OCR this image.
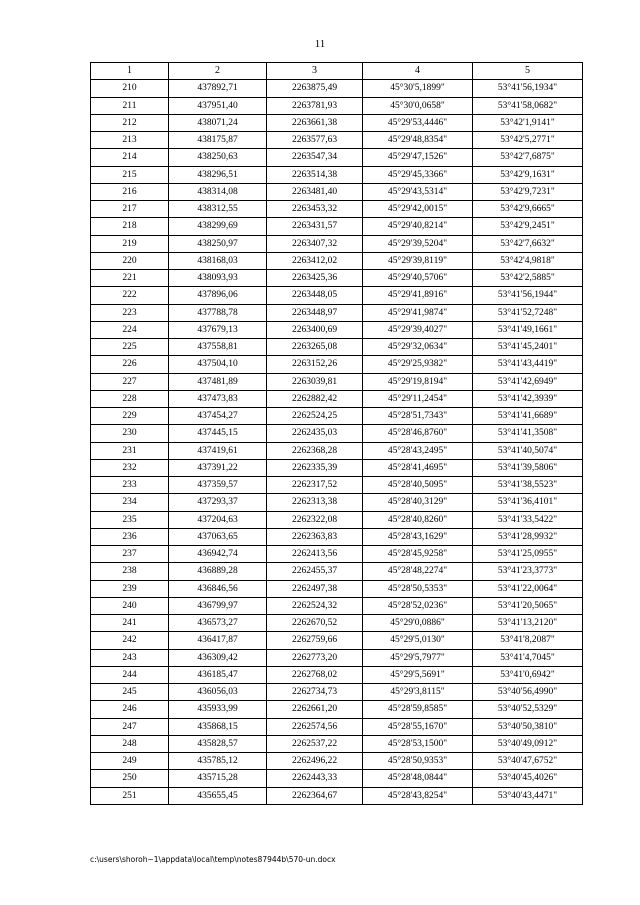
11
1	2	3	4	5
210	437892,71	2263875,49	45°30'5,1899"	53°41'56,1934"
211	437951,40	2263781,93	45°30'0,0658"	53°41'58,0682"
212	438071,24	2263661,38	45°29'53,4446"	53°42'1,9141"
213	438175,87	2263577,63	45°29'48,8354"	53°42'5,2771"
214	438250,63	2263547,34	45°29'47,1526"	53°42'7,6875"
215	438296,51	2263514,38	45°29'45,3366"	53°42'9,1631"
216	438314,08	2263481,40	45°29'43,5314"	53°42'9,7231"
217	438312,55	2263453,32	45°29'42,0015"	53°42'9,6665"
218	438299,69	2263431,57	45°29'40,8214"	53°42'9,2451"
219	438250,97	2263407,32	45°29'39,5204"	53°42'7,6632"
220	438168,03	2263412,02	45°29'39,8119"	53°42'4,9818"
221	438093,93	2263425,36	45°29'40,5706"	53°42'2,5885"
222	437896,06	2263448,05	45°29'41,8916"	53°41'56,1944"
223	437788,78	2263448,97	45°29'41,9874"	53°41'52,7248"
224	437679,13	2263400,69	45°29'39,4027"	53°41'49,1661"
225	437558,81	2263265,08	45°29'32,0634"	53°41'45,2401"
226	437504,10	2263152,26	45°29'25,9382"	53°41'43,4419"
227	437481,89	2263039,81	45°29'19,8194"	53°41'42,6949"
228	437473,83	2262882,42	45°29'11,2454"	53°41'42,3939"
229	437454,27	2262524,25	45°28'51,7343"	53°41'41,6689"
230	437445,15	2262435,03	45°28'46,8760"	53°41'41,3508"
231	437419,61	2262368,28	45°28'43,2495"	53°41'40,5074"
232	437391,22	2262335,39	45°28'41,4695"	53°41'39,5806"
233	437359,57	2262317,52	45°28'40,5095"	53°41'38,5523"
234	437293,37	2262313,38	45°28'40,3129"	53°41'36,4101"
235	437204,63	2262322,08	45°28'40,8260"	53°41'33,5422"
236	437063,65	2262363,83	45°28'43,1629"	53°41'28,9932"
237	436942,74	2262413,56	45°28'45,9258"	53°41'25,0955"
238	436889,28	2262455,37	45°28'48,2274"	53°41'23,3773"
239	436846,56	2262497,38	45°28'50,5353"	53°41'22,0064"
240	436799,97	2262524,32	45°28'52,0236"	53°41'20,5065"
241	436573,27	2262670,52	45°29'0,0886"	53°41'13,2120"
242	436417,87	2262759,66	45°29'5,0130"	53°41'8,2087"
243	436309,42	2262773,20	45°29'5,7977"	53°41'4,7045"
244	436185,47	2262768,02	45°29'5,5691"	53°41'0,6942"
245	436056,03	2262734,73	45°29'3,8115"	53°40'56,4990"
246	435933,99	2262661,20	45°28'59,8585"	53°40'52,5329"
247	435868,15	2262574,56	45°28'55,1670"	53°40'50,3810"
248	435828,57	2262537,22	45°28'53,1500"	53°40'49,0912"
249	435785,12	2262496,22	45°28'50,9353"	53°40'47,6752"
250	435715,28	2262443,33	45°28'48,0844"	53°40'45,4026"
251	435655,45	2262364,67	45°28'43,8254"	53°40'43,4471"
c:\users\shoroh~1\appdata\local\temp\notes87944b\570-un.docx
